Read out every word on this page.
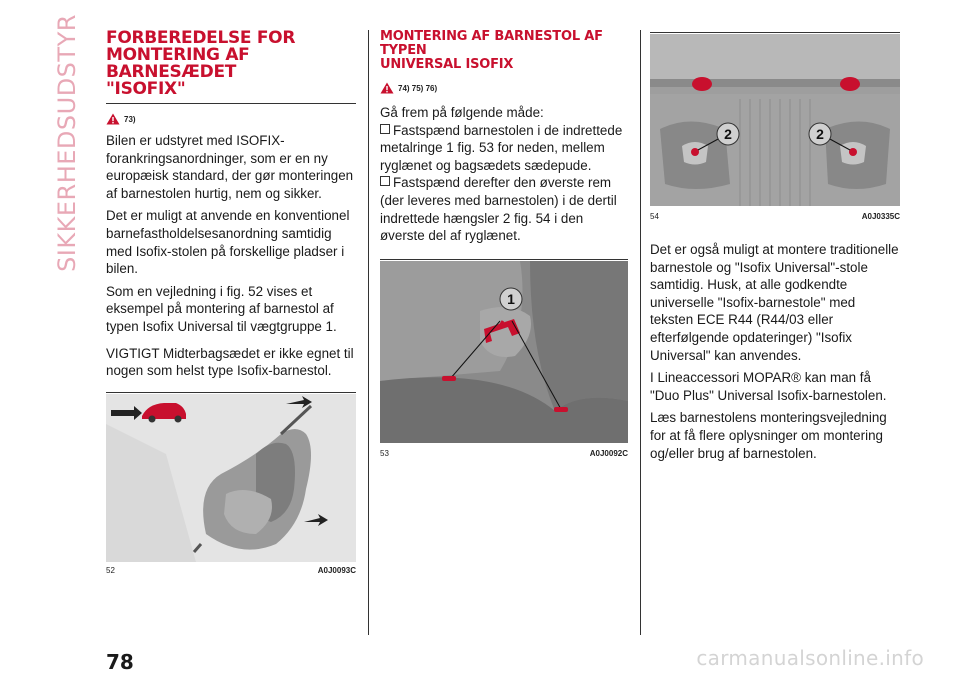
SIKKERHEDSUDSTYR FORBEREDELSE FOR
MONTERING AF BARNESÆDET
"ISOFIX"
73)

Bilen er udstyret med ISOFIX-forankringsanordninger, som er en ny europæisk standard, der gør monteringen af barnestolen hurtig, nem og sikker.

Det er muligt at anvende en konventionel barnefastholdelsesanordning samtidig med Isofix-stolen på forskellige pladser i bilen.

Som en vejledning i fig. 52 vises et eksempel på montering af barnestol af typen Isofix Universal til vægtgruppe 1.

VIGTIGT Midterbagsædet er ikke egnet til nogen som helst type Isofix-barnestol.

52	A0J0093C
MONTERING AF BARNESTOL AF TYPEN
UNIVERSAL ISOFIX
74) 75) 76)

Gå frem på følgende måde:

Fastspænd barnestolen i de indrettede metalringe 1 fig. 53 for neden, mellem ryglænet og bagsædets sædepude.

Fastspænd derefter den øverste rem (der leveres med barnestolen) i de dertil indrettede hængsler 2 fig. 54 i den øverste del af ryglænet.

1
53	A0J0092C
2	2
54	A0J0335C

Det er også muligt at montere traditionelle barnestole og "Isofix Universal"-stole samtidig. Husk, at alle godkendte universelle "Isofix-barnestole" med teksten ECE R44 (R44/03 eller efterfølgende opdateringer) "Isofix Universal" kan anvendes.

I Lineaccessori MOPAR® kan man få "Duo Plus" Universal Isofix-barnestolen.

Læs barnestolens monteringsvejledning for at få flere oplysninger om montering og/eller brug af barnestolen.

78	carmanualsonline.info
